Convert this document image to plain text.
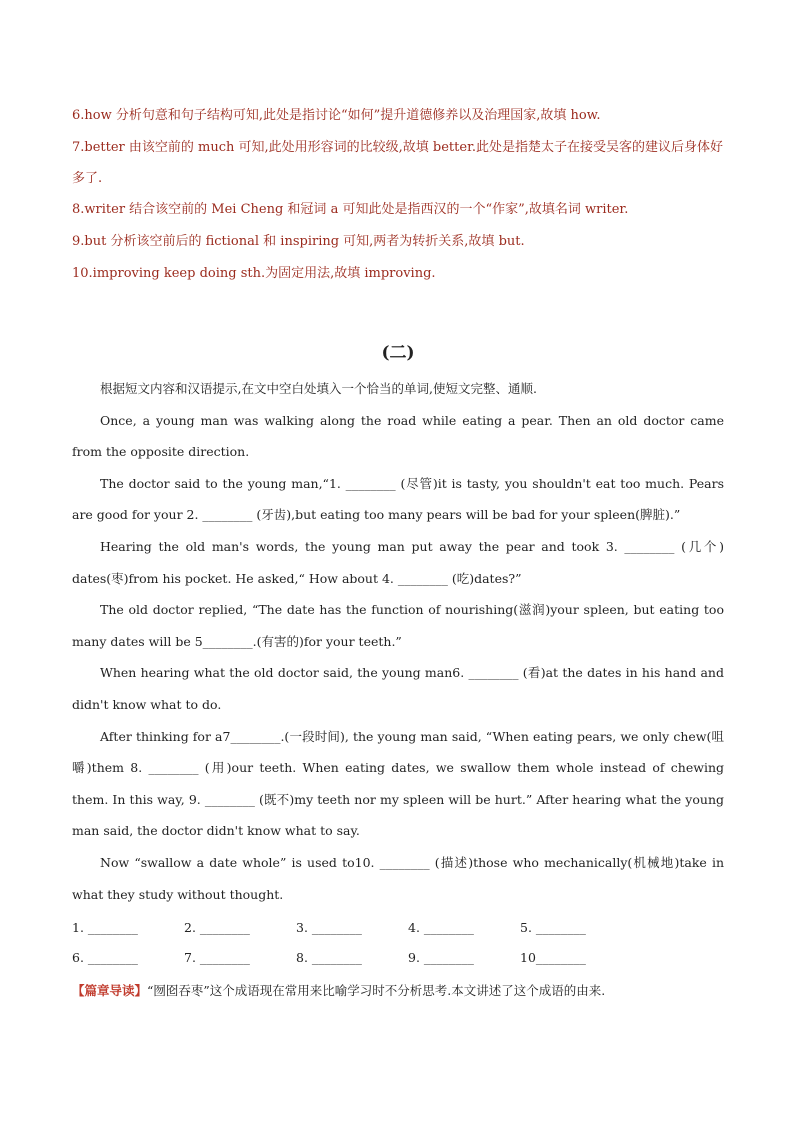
6.how 分析句意和句子结构可知,此处是指讨论“如何”提升道德修养以及治理国家,故填 how.

7.better 由该空前的 much 可知,此处用形容词的比较级,故填 better.此处是指楚太子在接受吴客的建议后身体好多了.

8.writer 结合该空前的 Mei Cheng 和冠词 a 可知此处是指西汉的一个“作家”,故填名词 writer.

9.but 分析该空前后的 fictional 和 inspiring 可知,两者为转折关系,故填 but.

10.improving keep doing sth.为固定用法,故填 improving.

(二)

根据短文内容和汉语提示,在文中空白处填入一个恰当的单词,使短文完整、通顺.

Once, a young man was walking along the road while eating a pear. Then an old doctor came from the opposite direction.

The doctor said to the young man,“1. ________ (尽管)it is tasty, you shouldn't eat too much. Pears are good for your 2. ________ (牙齿),but eating too many pears will be bad for your spleen(脾脏).”

Hearing the old man's words, the young man put away the pear and took 3. ________ (几个) dates(枣)from his pocket. He asked,“ How about 4. ________ (吃)dates?”

The old doctor replied, “The date has the function of nourishing(滋润)your spleen, but eating too many dates will be 5________.(有害的)for your teeth.”

When hearing what the old doctor said, the young man6. ________ (看)at the dates in his hand and didn't know what to do.

After thinking for a7________.(一段时间), the young man said, “When eating pears, we only chew(咀嚼)them 8. ________ (用)our teeth. When eating dates, we swallow them whole instead of chewing them. In this way, 9. ________ (既不)my teeth nor my spleen will be hurt.” After hearing what the young man said, the doctor didn't know what to say.

Now “swallow a date whole” is used to10. ________ (描述)those who mechanically(机械地)take in what they study without thought.

1. ________	2. ________	3. ________	4. ________	5. ________
6. ________	7. ________	8. ________	9. ________	10________
【篇章导读】“囫囵吞枣”这个成语现在常用来比喻学习时不分析思考.本文讲述了这个成语的由来.
